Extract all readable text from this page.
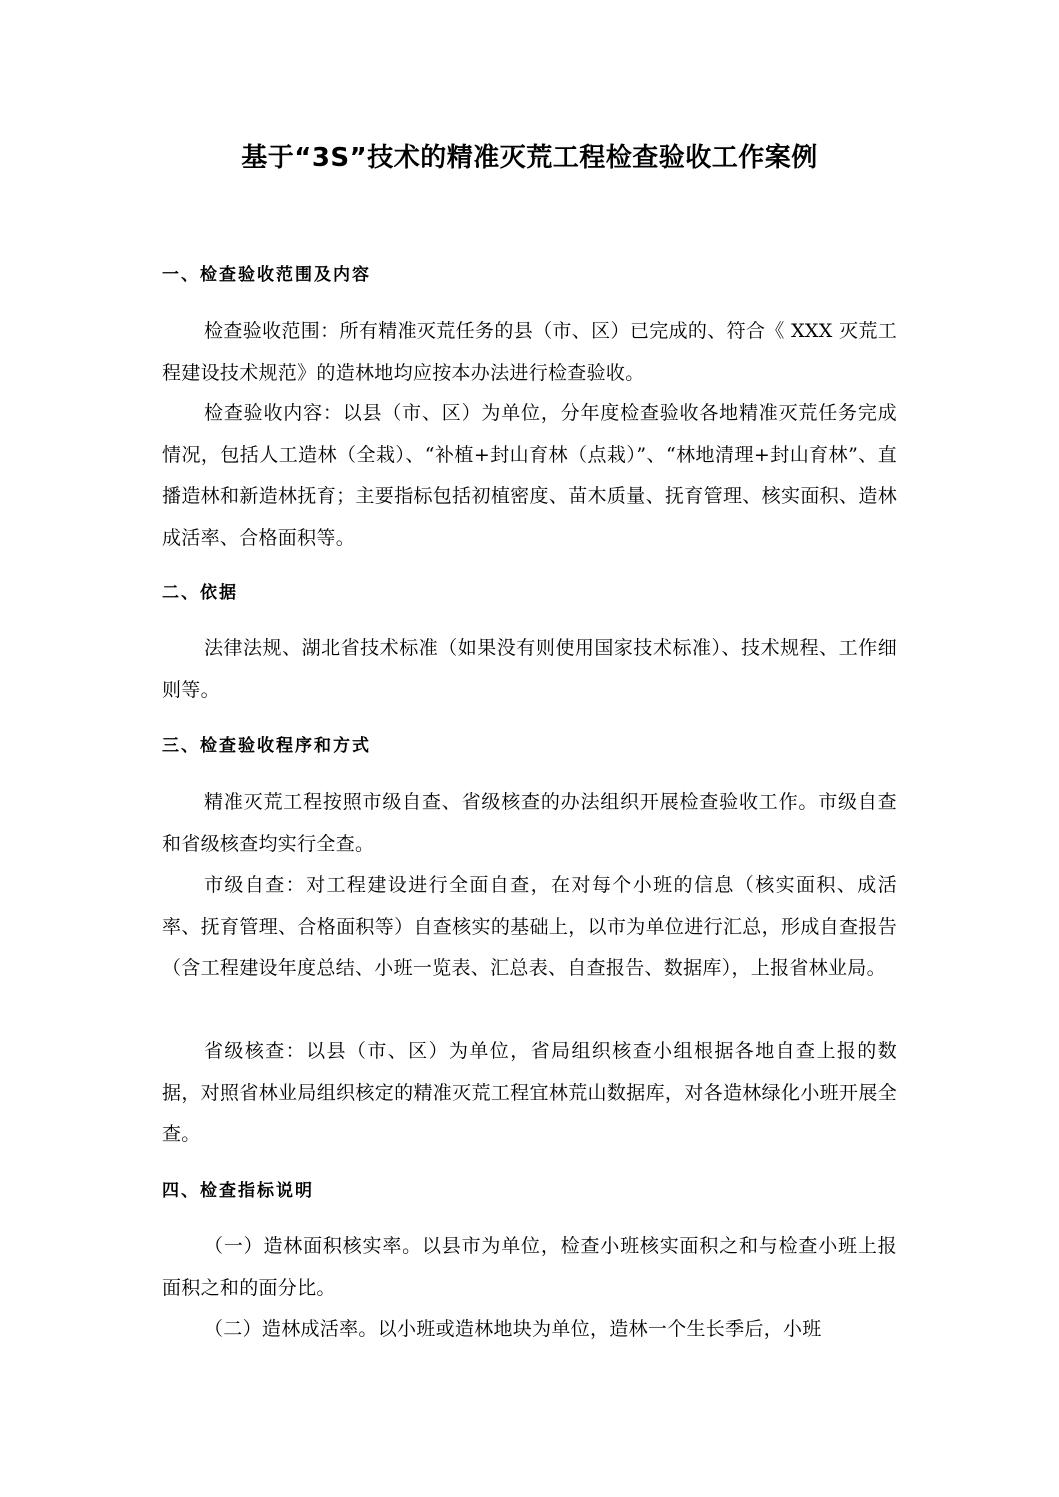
基于“3S”技术的精准灭荒工程检查验收工作案例
一、检查验收范围及内容
检查验收范围：所有精准灭荒任务的县（市、区）已完成的、符合《 XXX 灭荒工程建设技术规范》的造林地均应按本办法进行检查验收。
检查验收内容：以县（市、区）为单位，分年度检查验收各地精准灭荒任务完成情况，包括人工造林（全栽）、“补植+封山育林（点栽）”、“林地清理+封山育林”、直播造林和新造林抚育；主要指标包括初植密度、苗木质量、抚育管理、核实面积、造林成活率、合格面积等。
二、依据
法律法规、湖北省技术标准（如果没有则使用国家技术标准）、技术规程、工作细则等。
三、检查验收程序和方式
精准灭荒工程按照市级自查、省级核查的办法组织开展检查验收工作。市级自查和省级核查均实行全查。
市级自查：对工程建设进行全面自查，在对每个小班的信息（核实面积、成活率、抚育管理、合格面积等）自查核实的基础上，以市为单位进行汇总，形成自查报告（含工程建设年度总结、小班一览表、汇总表、自查报告、数据库），上报省林业局。
省级核查：以县（市、区）为单位，省局组织核查小组根据各地自查上报的数据，对照省林业局组织核定的精准灭荒工程宜林荒山数据库，对各造林绿化小班开展全查。
四、检查指标说明
（一）造林面积核实率。以县市为单位，检查小班核实面积之和与检查小班上报面积之和的面分比。
（二）造林成活率。以小班或造林地块为单位，造林一个生长季后，小班
